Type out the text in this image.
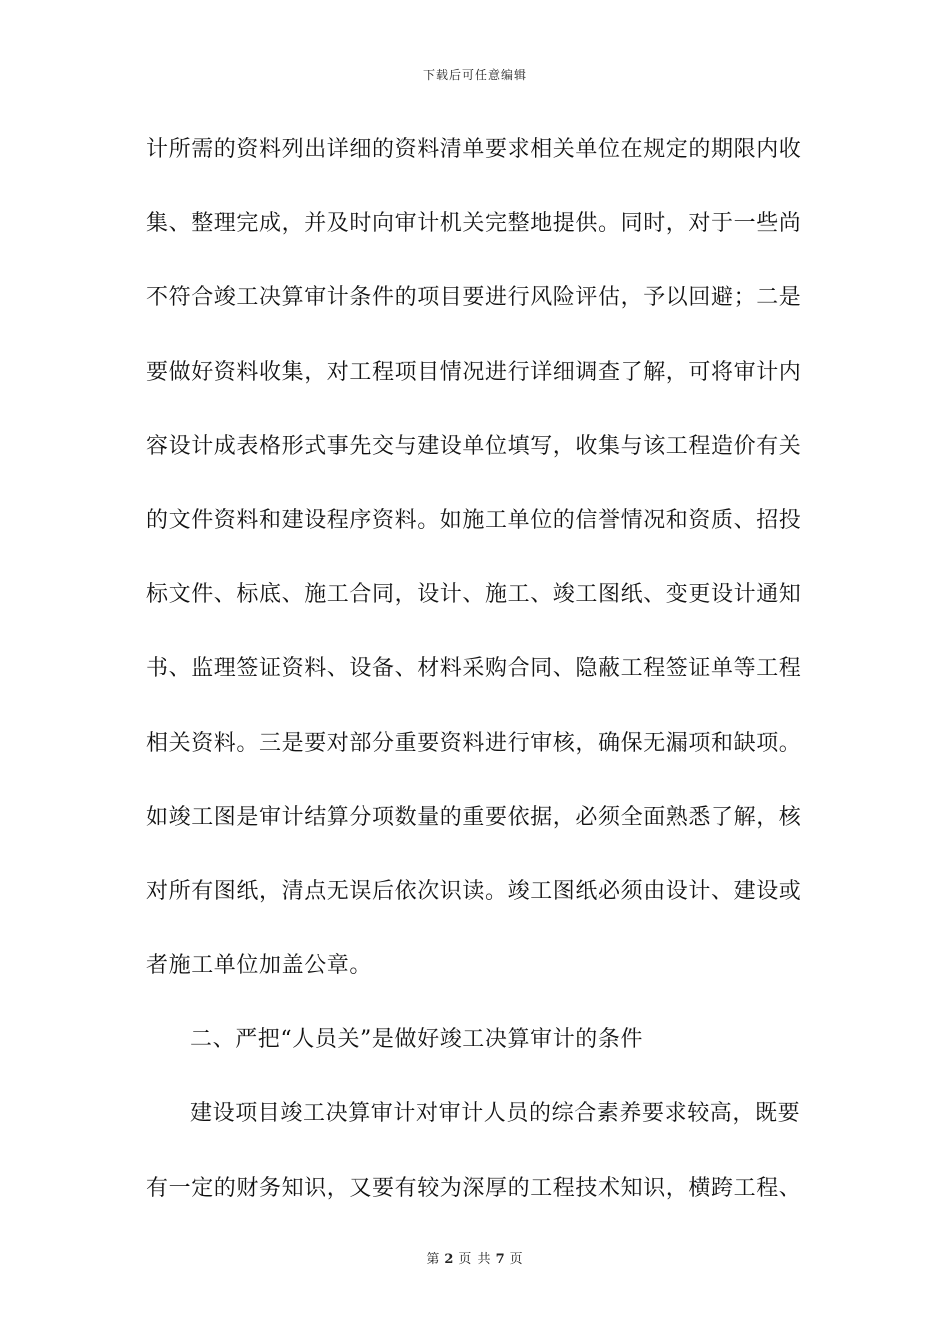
下载后可任意编辑
计所需的资料列出详细的资料清单要求相关单位在规定的期限内收
集、整理完成，并及时向审计机关完整地提供。同时，对于一些尚
不符合竣工决算审计条件的项目要进行风险评估，予以回避；二是
要做好资料收集，对工程项目情况进行详细调查了解，可将审计内
容设计成表格形式事先交与建设单位填写，收集与该工程造价有关
的文件资料和建设程序资料。如施工单位的信誉情况和资质、招投
标文件、标底、施工合同，设计、施工、竣工图纸、变更设计通知
书、监理签证资料、设备、材料采购合同、隐蔽工程签证单等工程
相关资料。三是要对部分重要资料进行审核，确保无漏项和缺项。
如竣工图是审计结算分项数量的重要依据，必须全面熟悉了解，核
对所有图纸，清点无误后依次识读。竣工图纸必须由设计、建设或
者施工单位加盖公章。
二、严把“人员关”是做好竣工决算审计的条件
建设项目竣工决算审计对审计人员的综合素养要求较高，既要
有一定的财务知识，又要有较为深厚的工程技术知识，横跨工程、
第 2 页 共 7 页
